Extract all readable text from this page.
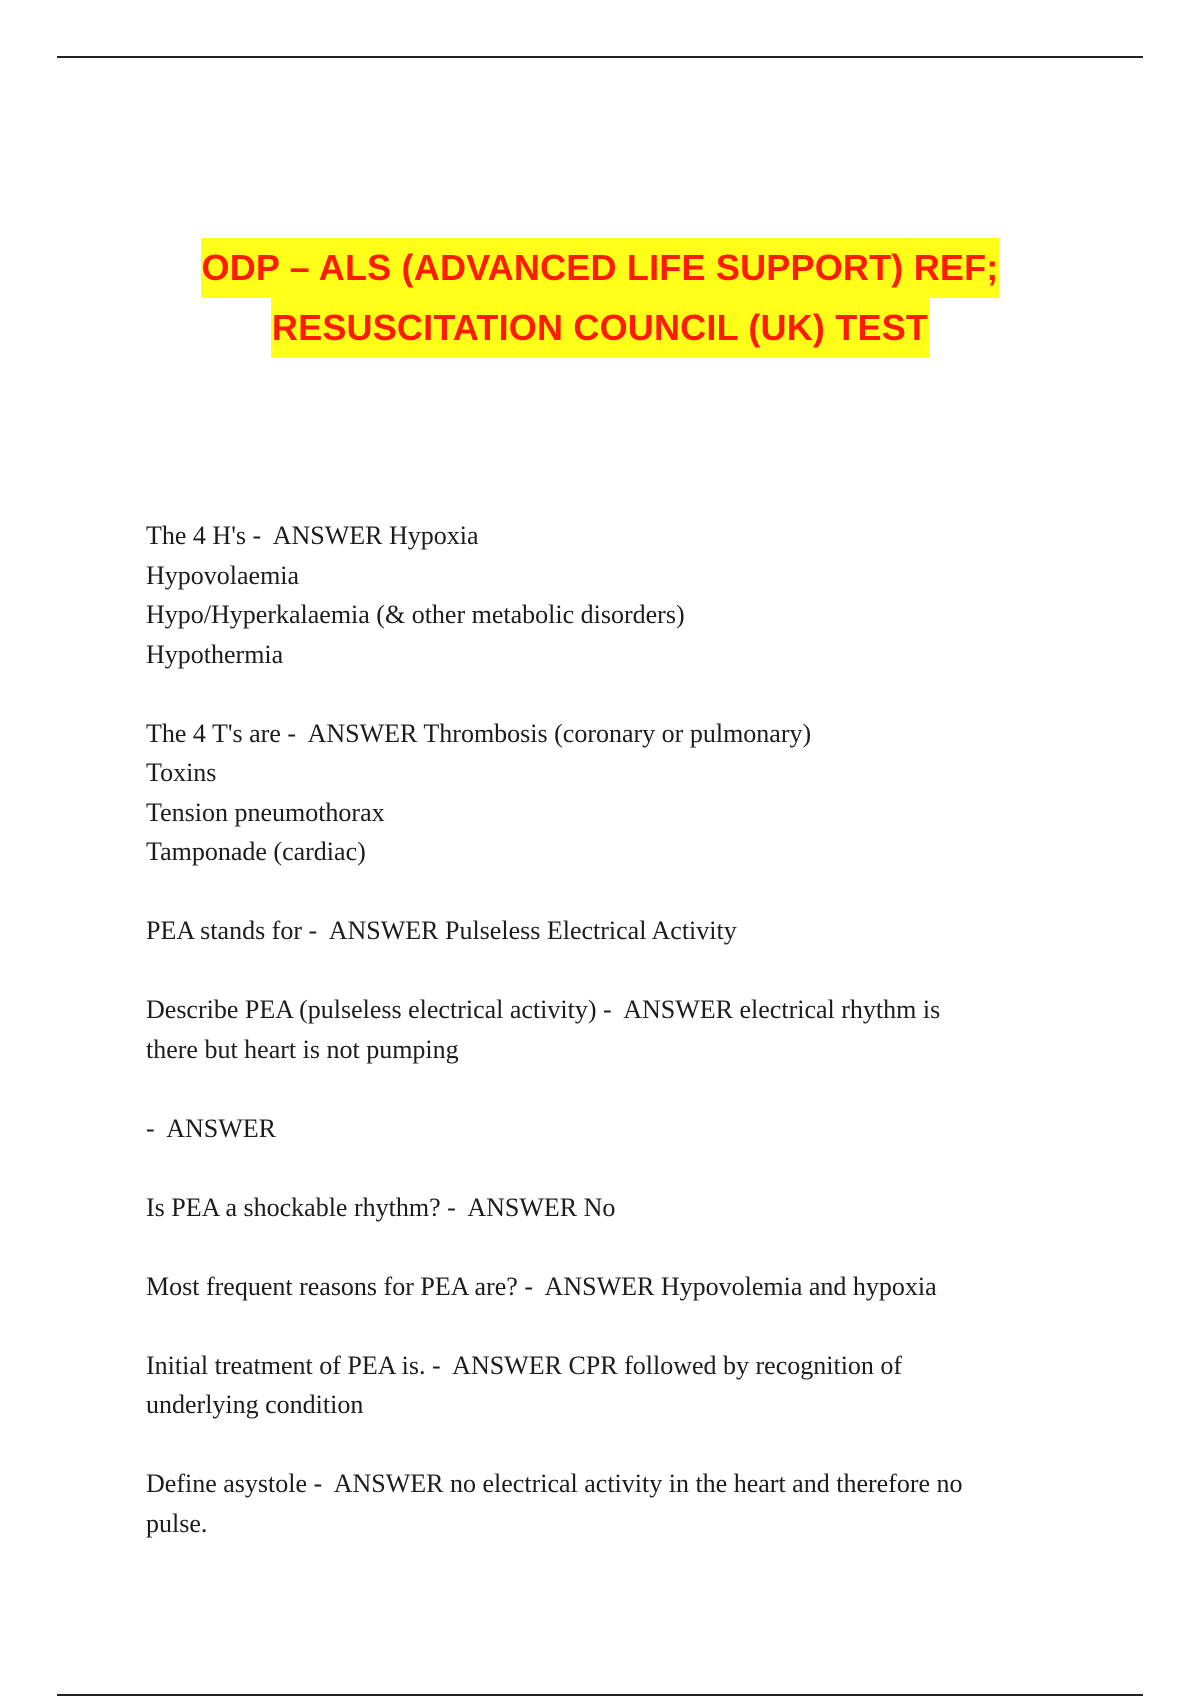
ODP – ALS (ADVANCED LIFE SUPPORT) REF;
RESUSCITATION COUNCIL (UK) TEST
The 4 H's -  ANSWER Hypoxia
Hypovolaemia
Hypo/Hyperkalaemia (& other metabolic disorders)
Hypothermia
The 4 T's are -  ANSWER Thrombosis (coronary or pulmonary)
Toxins
Tension pneumothorax
Tamponade (cardiac)
PEA stands for -  ANSWER Pulseless Electrical Activity
Describe PEA (pulseless electrical activity) -  ANSWER electrical rhythm is
there but heart is not pumping
-  ANSWER
Is PEA a shockable rhythm? -  ANSWER No
Most frequent reasons for PEA are? -  ANSWER Hypovolemia and hypoxia
Initial treatment of PEA is. -  ANSWER CPR followed by recognition of
underlying condition
Define asystole -  ANSWER no electrical activity in the heart and therefore no
pulse.
